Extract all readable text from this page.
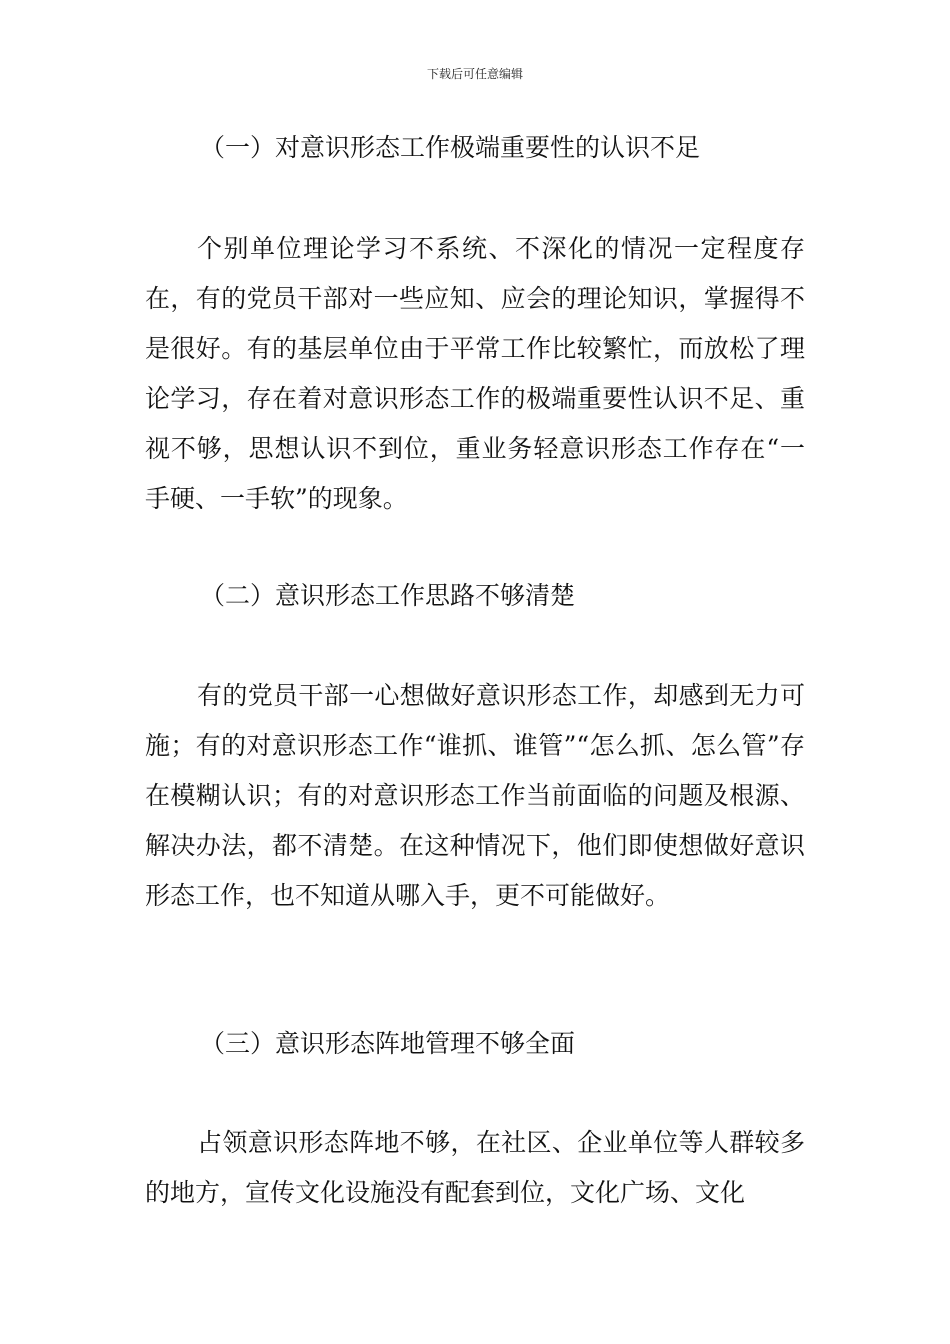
下载后可任意编辑
（一）对意识形态工作极端重要性的认识不足
个别单位理论学习不系统、不深化的情况一定程度存在，有的党员干部对一些应知、应会的理论知识，掌握得不是很好。有的基层单位由于平常工作比较繁忙，而放松了理论学习，存在着对意识形态工作的极端重要性认识不足、重视不够，思想认识不到位，重业务轻意识形态工作存在“一手硬、一手软”的现象。
（二）意识形态工作思路不够清楚
有的党员干部一心想做好意识形态工作，却感到无力可施；有的对意识形态工作“谁抓、谁管”“怎么抓、怎么管”存在模糊认识；有的对意识形态工作当前面临的问题及根源、解决办法，都不清楚。在这种情况下，他们即使想做好意识形态工作，也不知道从哪入手，更不可能做好。
（三）意识形态阵地管理不够全面
占领意识形态阵地不够，在社区、企业单位等人群较多的地方，宣传文化设施没有配套到位，文化广场、文化
